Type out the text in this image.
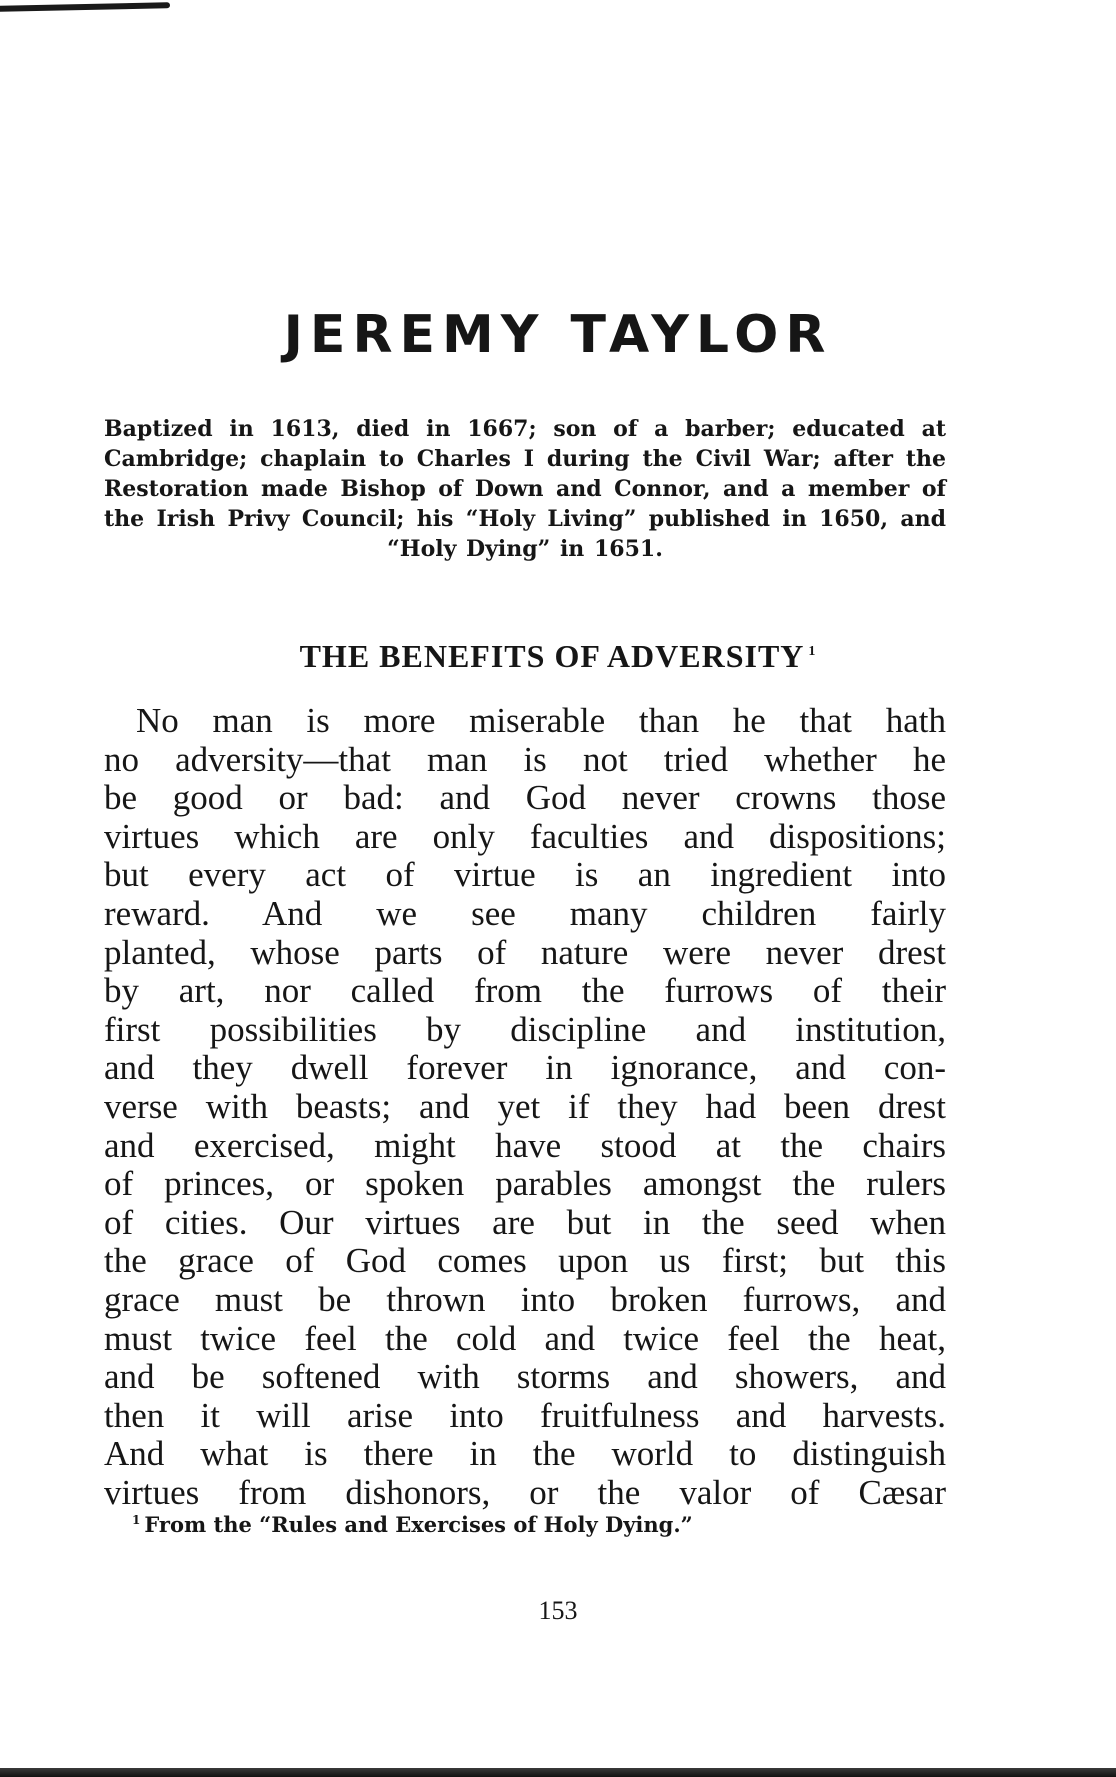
JEREMY TAYLOR

Baptized in 1613, died in 1667; son of a barber; educated at Cambridge; chaplain to Charles I during the Civil War; after the Restoration made Bishop of Down and Connor, and a member of the Irish Privy Council; his “Holy Living” published in 1650, and “Holy Dying” in 1651.

THE BENEFITS OF ADVERSITY $^1$
No man is more miserable than he that hath
no adversity—that man is not tried whether he
be good or bad: and God never crowns those
virtues which are only faculties and dispositions;
but every act of virtue is an ingredient into
reward. And we see many children fairly
planted, whose parts of nature were never drest
by art, nor called from the furrows of their
first possibilities by discipline and institution,
and they dwell forever in ignorance, and con-
verse with beasts; and yet if they had been drest
and exercised, might have stood at the chairs
of princes, or spoken parables amongst the rulers
of cities. Our virtues are but in the seed when
the grace of God comes upon us first; but this
grace must be thrown into broken furrows, and
must twice feel the cold and twice feel the heat,
and be softened with storms and showers, and
then it will arise into fruitfulness and harvests.
And what is there in the world to distinguish
virtues from dishonors, or the valor of Cæsar

$^1$ From the “Rules and Exercises of Holy Dying.”

153
